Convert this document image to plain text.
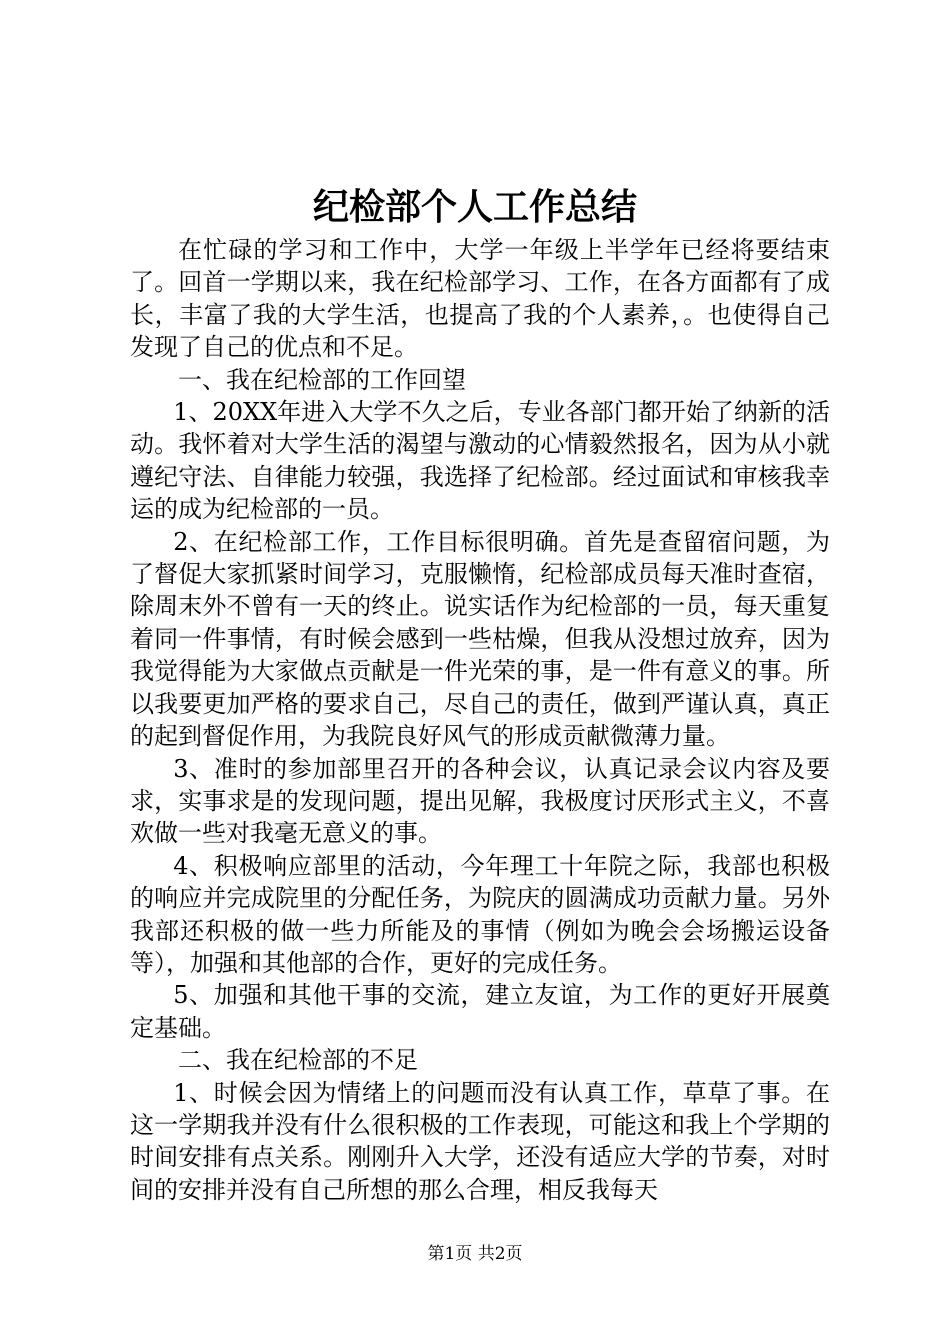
纪检部个人工作总结

在忙碌的学习和工作中，大学一年级上半学年已经将要结束了。回首一学期以来，我在纪检部学习、工作，在各方面都有了成长，丰富了我的大学生活，也提高了我的个人素养，。也使得自己发现了自己的优点和不足。

一、我在纪检部的工作回望

1、20XX年进入大学不久之后，专业各部门都开始了纳新的活动。我怀着对大学生活的渴望与激动的心情毅然报名，因为从小就遵纪守法、自律能力较强，我选择了纪检部。经过面试和审核我幸运的成为纪检部的一员。

2、在纪检部工作，工作目标很明确。首先是查留宿问题，为了督促大家抓紧时间学习，克服懒惰，纪检部成员每天准时查宿，除周末外不曾有一天的终止。说实话作为纪检部的一员，每天重复着同一件事情，有时候会感到一些枯燥，但我从没想过放弃，因为我觉得能为大家做点贡献是一件光荣的事，是一件有意义的事。所以我要更加严格的要求自己，尽自己的责任，做到严谨认真，真正的起到督促作用，为我院良好风气的形成贡献微薄力量。

3、准时的参加部里召开的各种会议，认真记录会议内容及要求，实事求是的发现问题，提出见解，我极度讨厌形式主义，不喜欢做一些对我毫无意义的事。

4、积极响应部里的活动，今年理工十年院之际，我部也积极的响应并完成院里的分配任务，为院庆的圆满成功贡献力量。另外我部还积极的做一些力所能及的事情（例如为晚会会场搬运设备等），加强和其他部的合作，更好的完成任务。

5、加强和其他干事的交流，建立友谊，为工作的更好开展奠定基础。

二、我在纪检部的不足

1、时候会因为情绪上的问题而没有认真工作，草草了事。在这一学期我并没有什么很积极的工作表现，可能这和我上个学期的时间安排有点关系。刚刚升入大学，还没有适应大学的节奏，对时间的安排并没有自己所想的那么合理，相反我每天

第1页 共2页
